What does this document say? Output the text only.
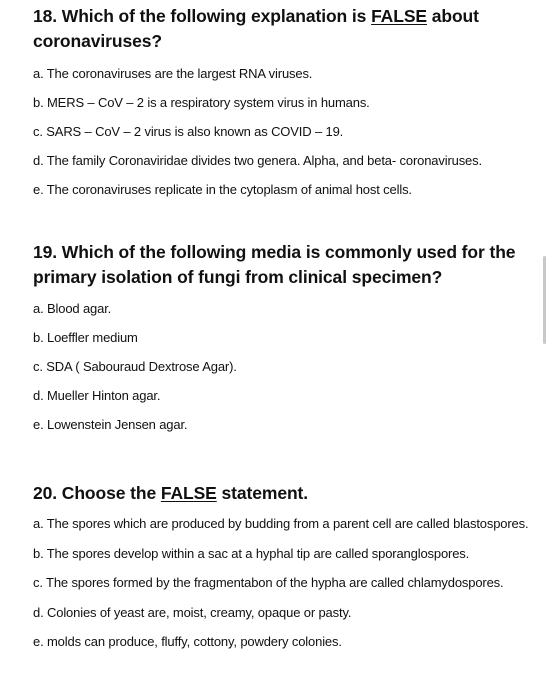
18. Which of the following explanation is FALSE about coronaviruses?
a. The coronaviruses are the largest RNA viruses.
b. MERS – CoV – 2 is a respiratory system virus in humans.
c. SARS – CoV – 2 virus is also known as COVID – 19.
d. The family Coronaviridae divides two genera. Alpha, and beta- coronaviruses.
e. The coronaviruses replicate in the cytoplasm of animal host cells.
19. Which of the following media is commonly used for the primary isolation of fungi from clinical specimen?
a. Blood agar.
b. Loeffler medium
c. SDA ( Sabouraud Dextrose Agar).
d. Mueller Hinton agar.
e. Lowenstein Jensen agar.
20. Choose the FALSE statement.
a. The spores which are produced by budding from a parent cell are called blastospores.
b. The spores develop within a sac at a hyphal tip are called sporanglospores.
c. The spores formed by the fragmentabon of the hypha are called chlamydospores.
d. Colonies of yeast are, moist, creamy, opaque or pasty.
e. molds can produce, fluffy, cottony, powdery colonies.
